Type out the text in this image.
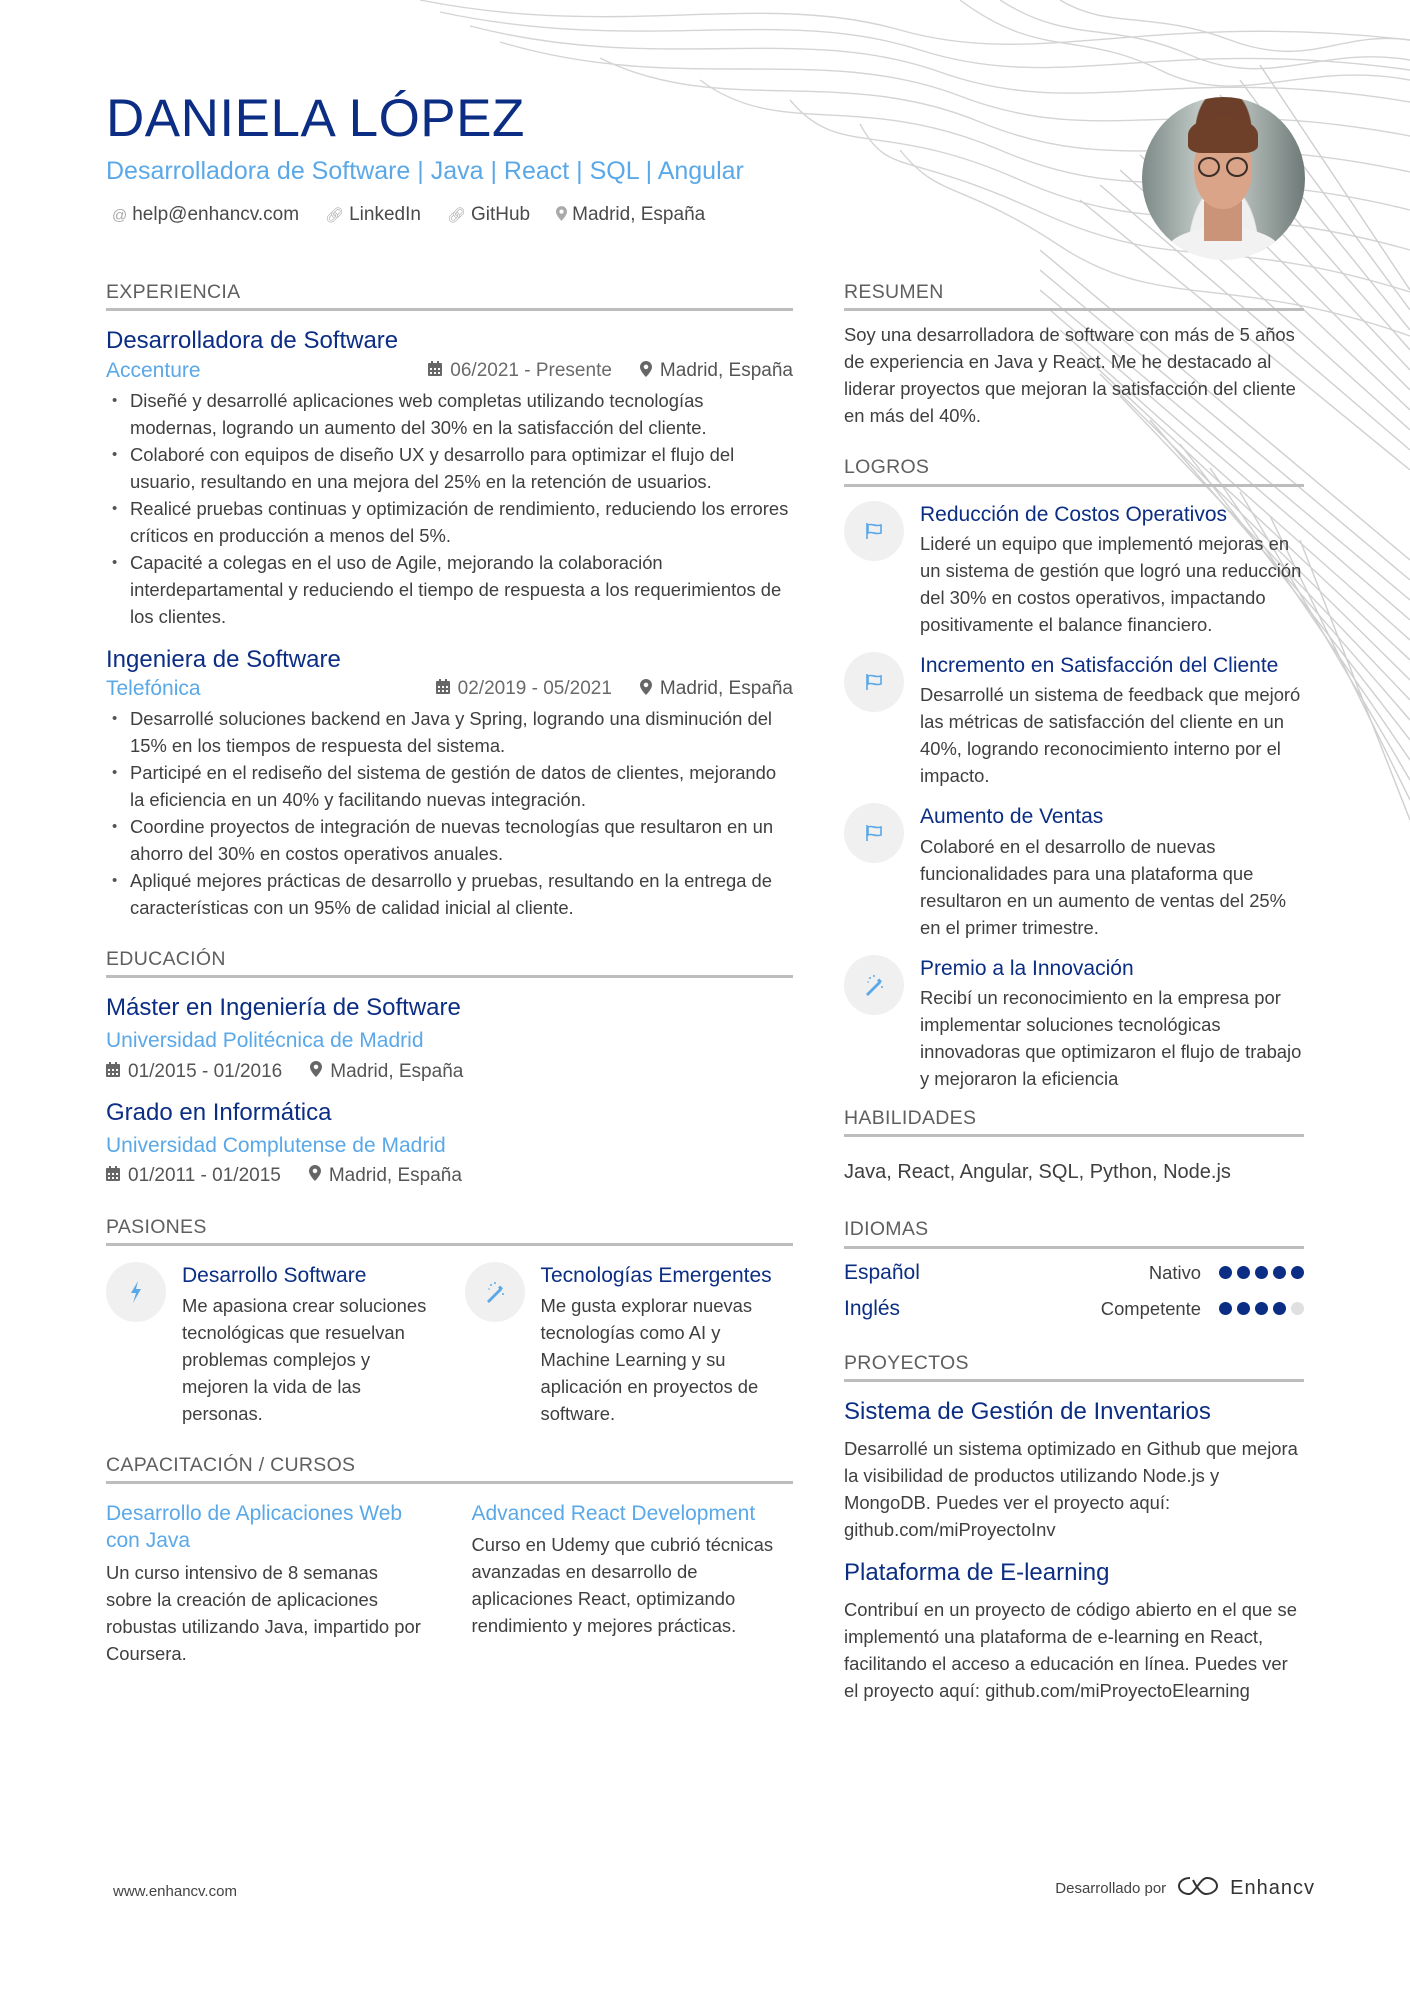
DANIELA LÓPEZ
Desarrolladora de Software | Java | React | SQL | Angular
@ help@enhancv.com 🔗︎ LinkedIn 🔗︎ GitHub Madrid, España
EXPERIENCIA
Desarrolladora de Software
Accenture	06/2021 - Presente	Madrid, España
• Diseñé y desarrollé aplicaciones web completas utilizando tecnologías modernas, logrando un aumento del 30% en la satisfacción del cliente.
• Colaboré con equipos de diseño UX y desarrollo para optimizar el flujo del usuario, resultando en una mejora del 25% en la retención de usuarios.
• Realicé pruebas continuas y optimización de rendimiento, reduciendo los errores críticos en producción a menos del 5%.
• Capacité a colegas en el uso de Agile, mejorando la colaboración interdepartamental y reduciendo el tiempo de respuesta a los requerimientos de los clientes.
Ingeniera de Software
Telefónica	02/2019 - 05/2021	Madrid, España
• Desarrollé soluciones backend en Java y Spring, logrando una disminución del 15% en los tiempos de respuesta del sistema.
• Participé en el rediseño del sistema de gestión de datos de clientes, mejorando la eficiencia en un 40% y facilitando nuevas integración.
• Coordine proyectos de integración de nuevas tecnologías que resultaron en un ahorro del 30% en costos operativos anuales.
• Apliqué mejores prácticas de desarrollo y pruebas, resultando en la entrega de características con un 95% de calidad inicial al cliente.
EDUCACIÓN
Máster en Ingeniería de Software
Universidad Politécnica de Madrid
01/2015 - 01/2016	Madrid, España
Grado en Informática
Universidad Complutense de Madrid
01/2011 - 01/2015	Madrid, España
PASIONES
Desarrollo Software
Me apasiona crear soluciones tecnológicas que resuelvan problemas complejos y mejoren la vida de las personas.
Tecnologías Emergentes
Me gusta explorar nuevas tecnologías como AI y Machine Learning y su aplicación en proyectos de software.
CAPACITACIÓN / CURSOS
Desarrollo de Aplicaciones Web con Java
Un curso intensivo de 8 semanas sobre la creación de aplicaciones robustas utilizando Java, impartido por Coursera.
Advanced React Development
Curso en Udemy que cubrió técnicas avanzadas en desarrollo de aplicaciones React, optimizando rendimiento y mejores prácticas.
RESUMEN
Soy una desarrolladora de software con más de 5 años de experiencia en Java y React. Me he destacado al liderar proyectos que mejoran la satisfacción del cliente en más del 40%.
LOGROS
Reducción de Costos Operativos
Lideré un equipo que implementó mejoras en un sistema de gestión que logró una reducción del 30% en costos operativos, impactando positivamente el balance financiero.
Incremento en Satisfacción del Cliente
Desarrollé un sistema de feedback que mejoró las métricas de satisfacción del cliente en un 40%, logrando reconocimiento interno por el impacto.
Aumento de Ventas
Colaboré en el desarrollo de nuevas funcionalidades para una plataforma que resultaron en un aumento de ventas del 25% en el primer trimestre.
Premio a la Innovación
Recibí un reconocimiento en la empresa por implementar soluciones tecnológicas innovadoras que optimizaron el flujo de trabajo y mejoraron la eficiencia
HABILIDADES
Java, React, Angular, SQL, Python, Node.js
IDIOMAS
Español	Nativo
Inglés	Competente
PROYECTOS
Sistema de Gestión de Inventarios
Desarrollé un sistema optimizado en Github que mejora la visibilidad de productos utilizando Node.js y MongoDB. Puedes ver el proyecto aquí: github.com/miProyectoInv
Plataforma de E-learning
Contribuí en un proyecto de código abierto en el que se implementó una plataforma de e-learning en React, facilitando el acceso a educación en línea. Puedes ver el proyecto aquí: github.com/miProyectoElearning
www.enhancv.com	Desarrollado por	Enhancv
